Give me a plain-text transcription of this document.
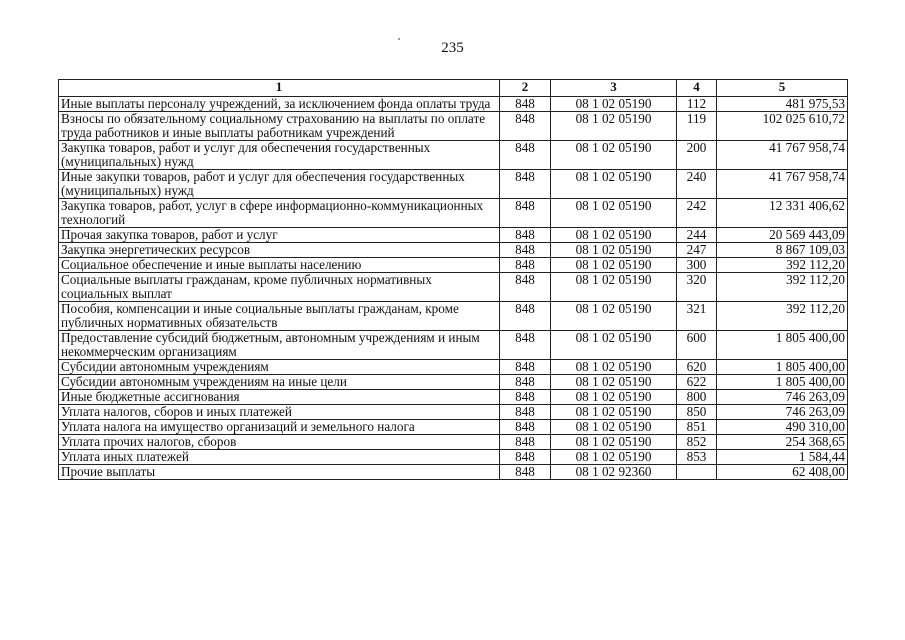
235
1	2	3	4	5
Иные выплаты персоналу учреждений, за исключением фонда оплаты труда	848	08 1 02 05190	112	481 975,53
Взносы по обязательному социальному страхованию на выплаты по оплате труда работников и иные выплаты работникам учреждений	848	08 1 02 05190	119	102 025 610,72
Закупка товаров, работ и услуг для обеспечения государственных (муниципальных) нужд	848	08 1 02 05190	200	41 767 958,74
Иные закупки товаров, работ и услуг для обеспечения государственных (муниципальных) нужд	848	08 1 02 05190	240	41 767 958,74
Закупка товаров, работ, услуг в сфере информационно-коммуникационных технологий	848	08 1 02 05190	242	12 331 406,62
Прочая закупка товаров, работ и услуг	848	08 1 02 05190	244	20 569 443,09
Закупка энергетических ресурсов	848	08 1 02 05190	247	8 867 109,03
Социальное обеспечение и иные выплаты населению	848	08 1 02 05190	300	392 112,20
Социальные выплаты гражданам, кроме публичных нормативных социальных выплат	848	08 1 02 05190	320	392 112,20
Пособия, компенсации и иные социальные выплаты гражданам, кроме публичных нормативных обязательств	848	08 1 02 05190	321	392 112,20
Предоставление субсидий бюджетным, автономным учреждениям и иным некоммерческим организациям	848	08 1 02 05190	600	1 805 400,00
Субсидии автономным учреждениям	848	08 1 02 05190	620	1 805 400,00
Субсидии автономным учреждениям на иные цели	848	08 1 02 05190	622	1 805 400,00
Иные бюджетные ассигнования	848	08 1 02 05190	800	746 263,09
Уплата налогов, сборов и иных платежей	848	08 1 02 05190	850	746 263,09
Уплата налога на имущество организаций и земельного налога	848	08 1 02 05190	851	490 310,00
Уплата прочих налогов, сборов	848	08 1 02 05190	852	254 368,65
Уплата иных платежей	848	08 1 02 05190	853	1 584,44
Прочие выплаты	848	08 1 02 92360		62 408,00
